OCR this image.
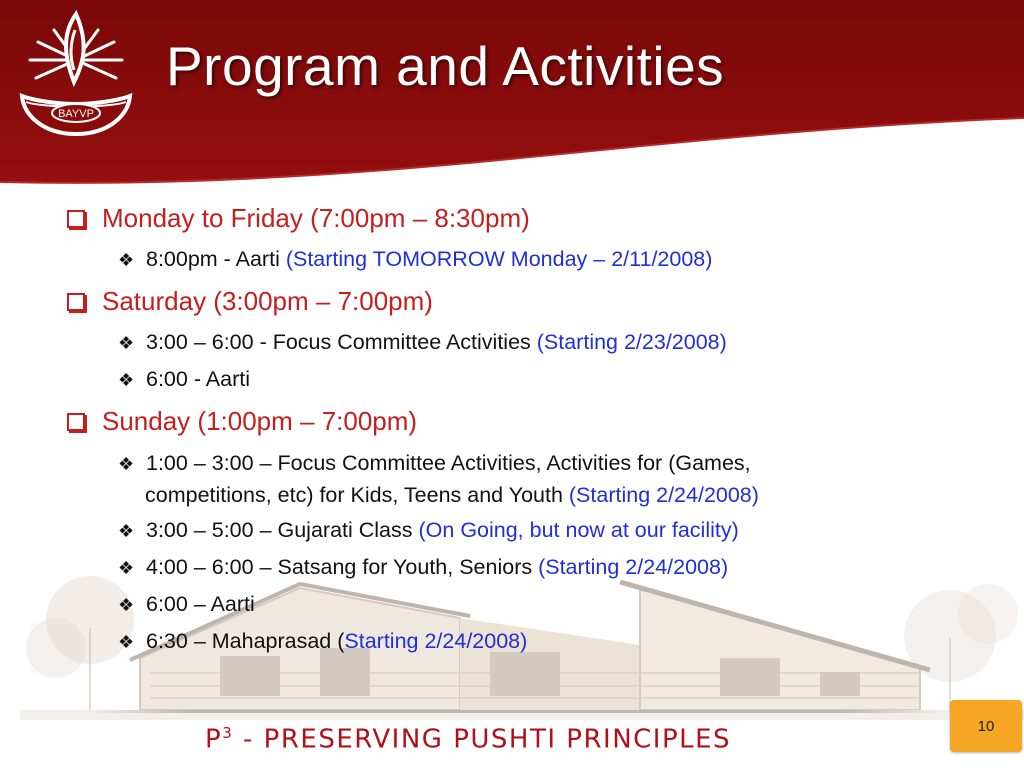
BAYVP
Program and Activities
Monday to Friday (7:00pm – 8:30pm)
❖ 8:00pm - Aarti (Starting TOMORROW Monday – 2/11/2008)
Saturday (3:00pm – 7:00pm)
❖ 3:00 – 6:00 - Focus Committee Activities (Starting 2/23/2008)
❖ 6:00 - Aarti
Sunday (1:00pm – 7:00pm)
❖ 1:00 – 3:00 – Focus Committee Activities, Activities for (Games,
competitions, etc) for Kids, Teens and Youth (Starting 2/24/2008)
❖ 3:00 – 5:00 – Gujarati Class (On Going, but now at our facility)
❖ 4:00 – 6:00 – Satsang for Youth, Seniors (Starting 2/24/2008)
❖ 6:00 – Aarti
❖ 6:30 – Mahaprasad (Starting 2/24/2008)
$P^3$ - PRESERVING PUSHTI PRINCIPLES	10
